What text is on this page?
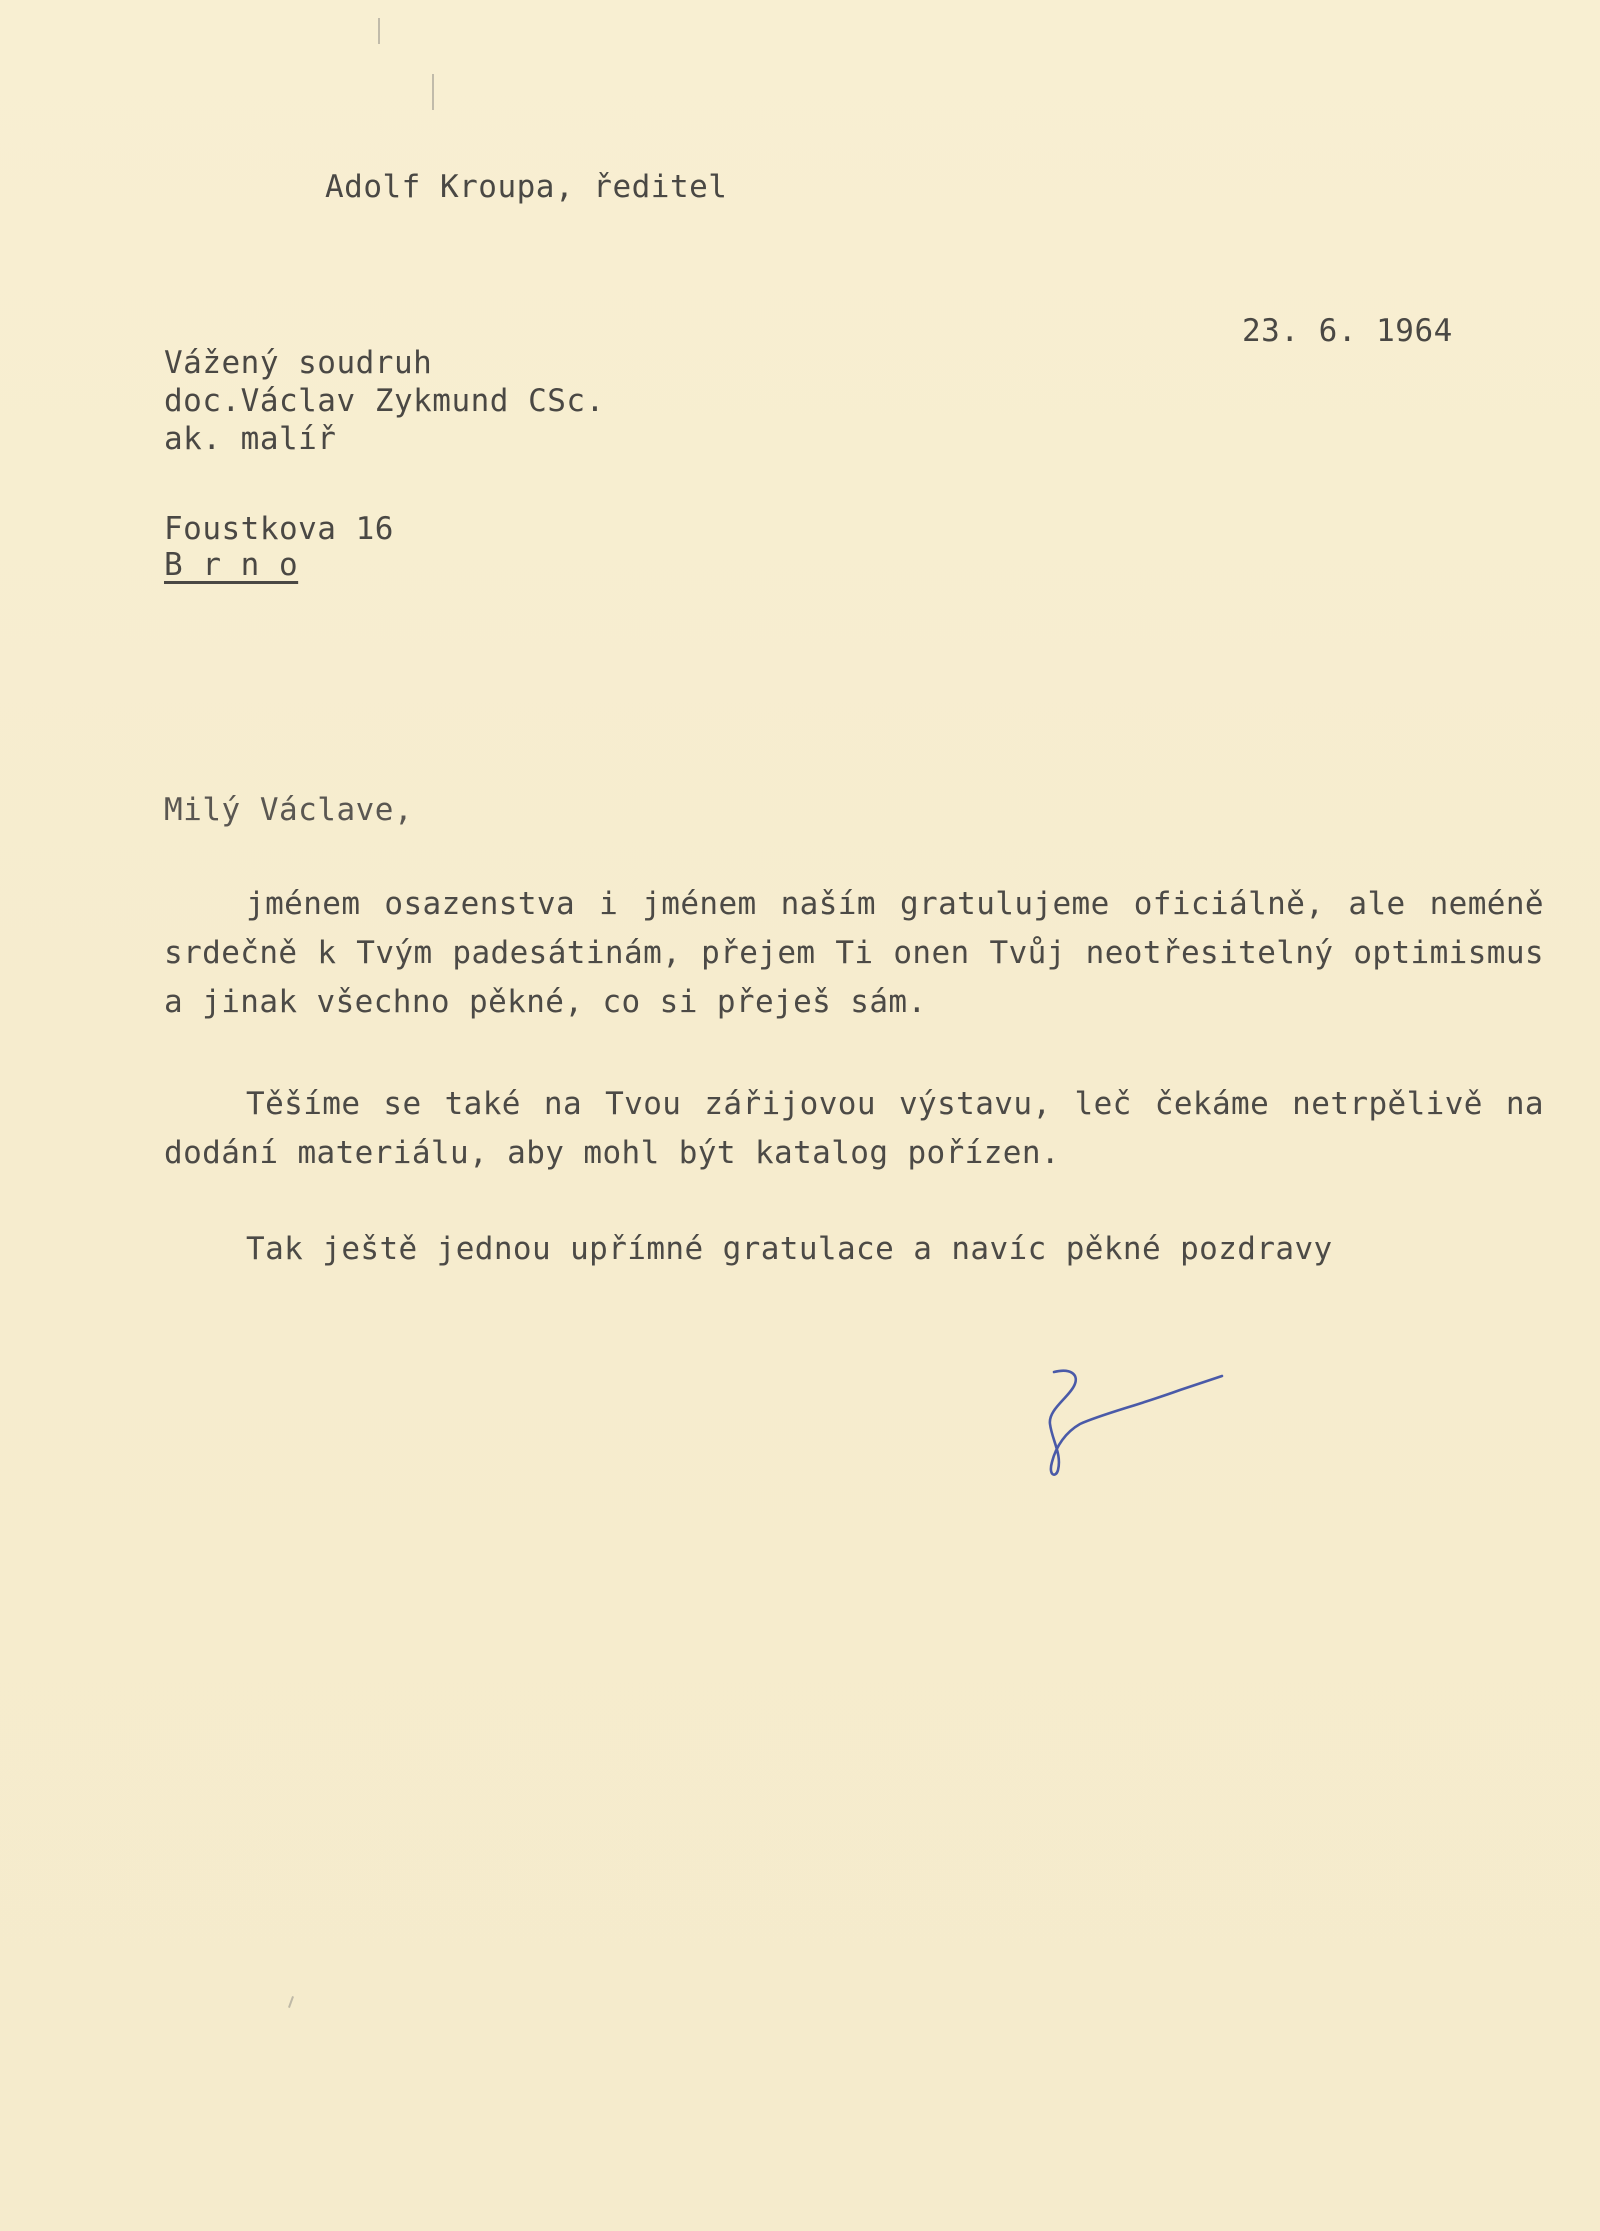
Adolf Kroupa, ředitel
23. 6. 1964
Vážený soudruh
doc.Václav Zykmund CSc.
ak. malíř
Foustkova 16
B r n o
Milý Václave,
jménem osazenstva i jménem naším gratulujeme oficiálně, ale neméně srdečně k Tvým padesátinám, přejem Ti onen Tvůj neotřesitelný optimismus a jinak všechno pěkné, co si přeješ sám.
Těšíme se také na Tvou zářijovou výstavu, leč čekáme netrpělivě na dodání materiálu, aby mohl být katalog pořízen.
Tak ještě jednou upřímné gratulace a navíc pěkné pozdravy
